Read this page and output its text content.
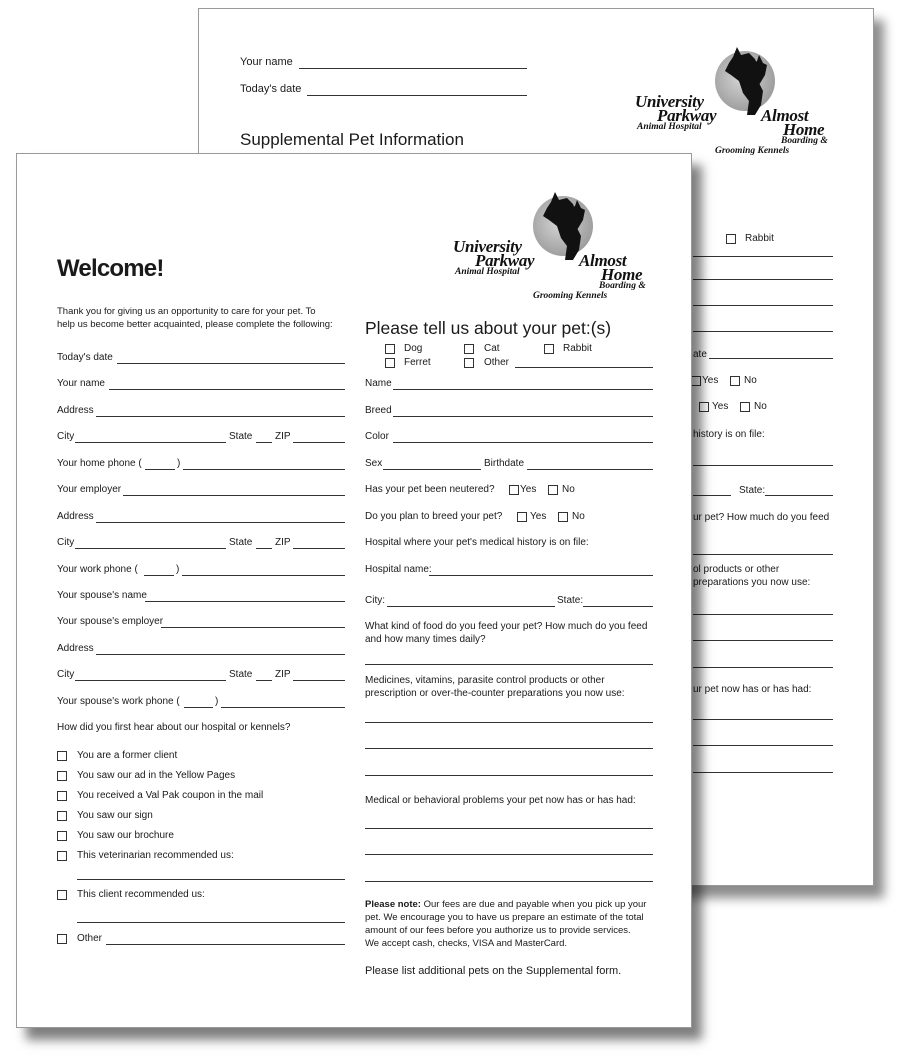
Your name
Today's date
Supplemental Pet Information
University
Parkway
Animal Hospital
Almost
Home
Boarding &
Grooming Kennels
Rabbit
ate
Yes	No
Yes	No
history is on file:
State:
ur pet? How much do you feed
ol products or other
preparations you now use:
ur pet now has or has had:
University
Parkway
Animal Hospital
Almost
Home
Boarding &
Grooming Kennels
Welcome!
Thank you for giving us an opportunity to care for your pet. To
help us become better acquainted, please complete the following:
Today's date
Your name
Address
City	State ZIP
Your home phone (	)
Your employer
Address
City	State ZIP
Your work phone (	)
Your spouse's name
Your spouse's employer
Address
City	State ZIP
Your spouse's work phone (	)
How did you first hear about our hospital or kennels?
You are a former client
You saw our ad in the Yellow Pages
You received a Val Pak coupon in the mail
You saw our sign
You saw our brochure
This veterinarian recommended us:
This client recommended us:
Other
Please tell us about your pet:(s)
Dog	Cat	Rabbit
Ferret	Other
Name
Breed
Color
Sex	Birthdate
Has your pet been neutered?	Yes	No
Do you plan to breed your pet?	Yes	No
Hospital where your pet's medical history is on file:
Hospital name:
City:	State:
What kind of food do you feed your pet? How much do you feed
and how many times daily?
Medicines, vitamins, parasite control products or other
prescription or over-the-counter preparations you now use:
Medical or behavioral problems your pet now has or has had:
Please note: Our fees are due and payable when you pick up your
pet. We encourage you to have us prepare an estimate of the total
amount of our fees before you authorize us to provide services.
We accept cash, checks, VISA and MasterCard.
Please list additional pets on the Supplemental form.
